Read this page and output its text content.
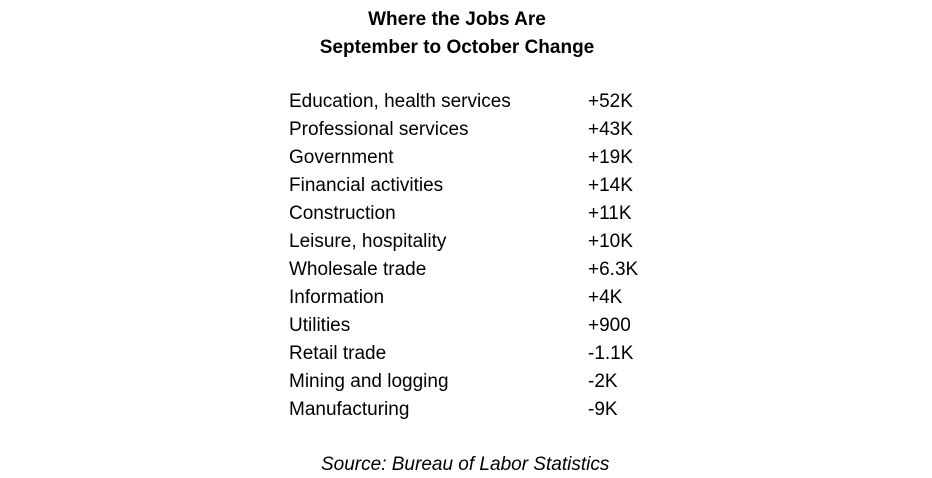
Where the Jobs Are
September to October Change
Education, health services	+52K
Professional services	+43K
Government	+19K
Financial activities	+14K
Construction	+11K
Leisure, hospitality	+10K
Wholesale trade	+6.3K
Information	+4K
Utilities	+900
Retail trade	-1.1K
Mining and logging	-2K
Manufacturing	-9K
Source: Bureau of Labor Statistics
